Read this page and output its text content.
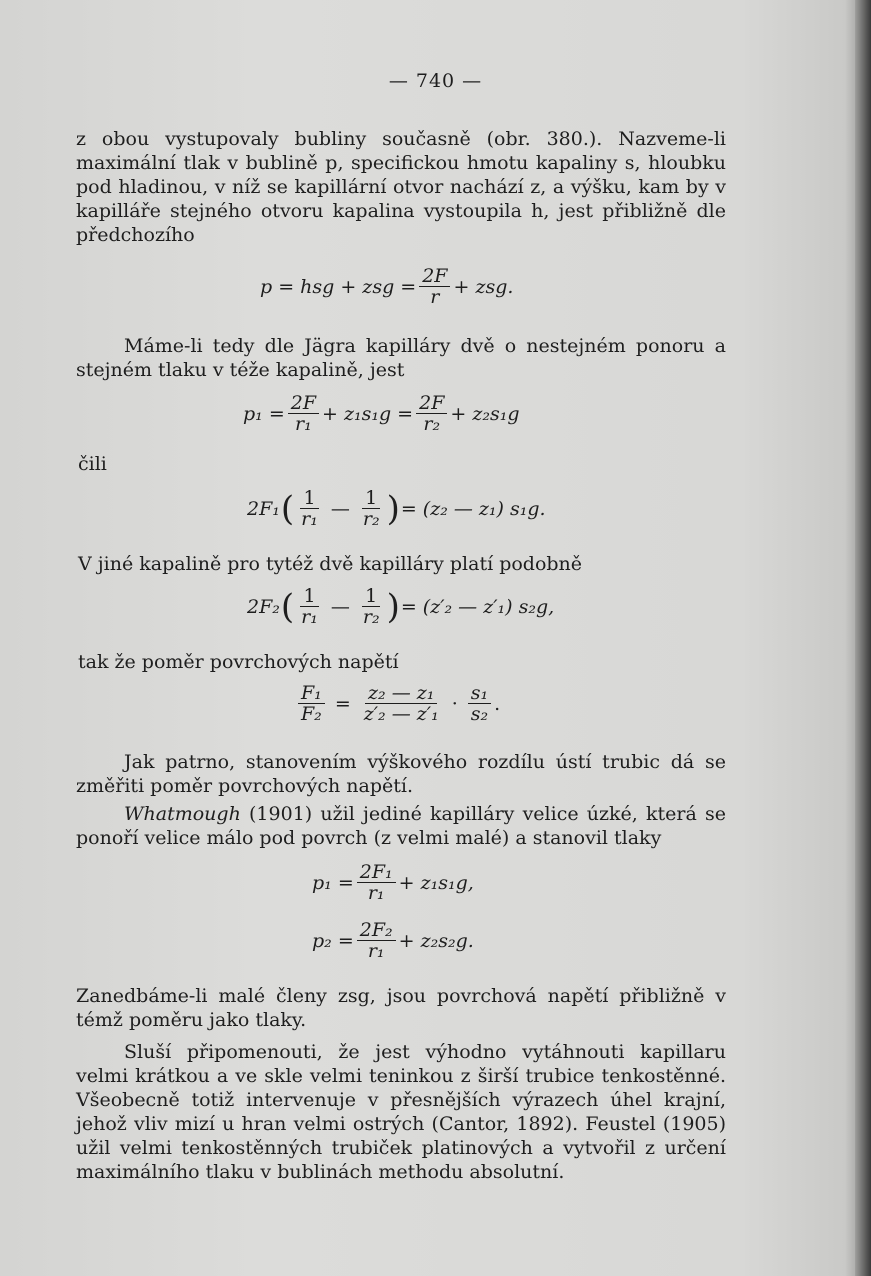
— 740 —
z obou vystupovaly bubliny současně (obr. 380.). Nazveme-li maximální tlak v bublině p, specifickou hmotu kapaliny s, hloubku pod hladinou, v níž se kapillární otvor nachází z, a výšku, kam by v kapilláře stejného otvoru kapalina vystoupila h, jest přibližně dle předchozího
p = hsg + zsg = $\frac{2F}{r}$ + zsg.
Máme-li tedy dle Jägra kapilláry dvě o nestejném ponoru a stejném tlaku v téže kapalině, jest
$p_1 = \frac{2F}{\text{r₁}} + z_1s_1g = \frac{2F}{\text{r₂}} + z_2s_1g$
čili
2F₁ ( $\frac{1}{\text{r₁}}$ — $\frac{1}{\text{r₂}}$ ) = (z₂ — z₁) s₁g.
V jiné kapalině pro tytéž dvě kapilláry platí podobně
2F₂ ( $\frac{1}{\text{r₁}}$ — $\frac{1}{\text{r₂}}$ ) = (z′₂ — z′₁) s₂g,
tak že poměr povrchových napětí
$\frac{\text{F₁}}{\text{F₂}} = \frac{\text{z₂ — z₁}}{\text{z′₂ — z′₁}} \cdot \frac{\text{s₁}}{\text{s₂}}$ .
Jak patrno, stanovením výškového rozdílu ústí trubic dá se změřiti poměr povrchových napětí.
Whatmough (1901) užil jediné kapilláry velice úzké, která se ponoří velice málo pod povrch (z velmi malé) a stanovil tlaky
$p_1 = \frac{\text{2F₁}}{\text{r₁}} + z_1s_1g$,
$p_2 = \frac{\text{2F₂}}{\text{r₁}} + z_2s_2g$.
Zanedbáme-li malé členy zsg, jsou povrchová napětí přibližně v témž poměru jako tlaky.
Sluší připomenouti, že jest výhodno vytáhnouti kapillaru velmi krátkou a ve skle velmi teninkou z širší trubice tenkostěnné. Všeobecně totiž intervenuje v přesnějších výrazech úhel krajní, jehož vliv mizí u hran velmi ostrých (Cantor, 1892). Feustel (1905) užil velmi tenkostěnných trubiček platinových a vytvořil z určení maximálního tlaku v bublinách methodu absolutní.
